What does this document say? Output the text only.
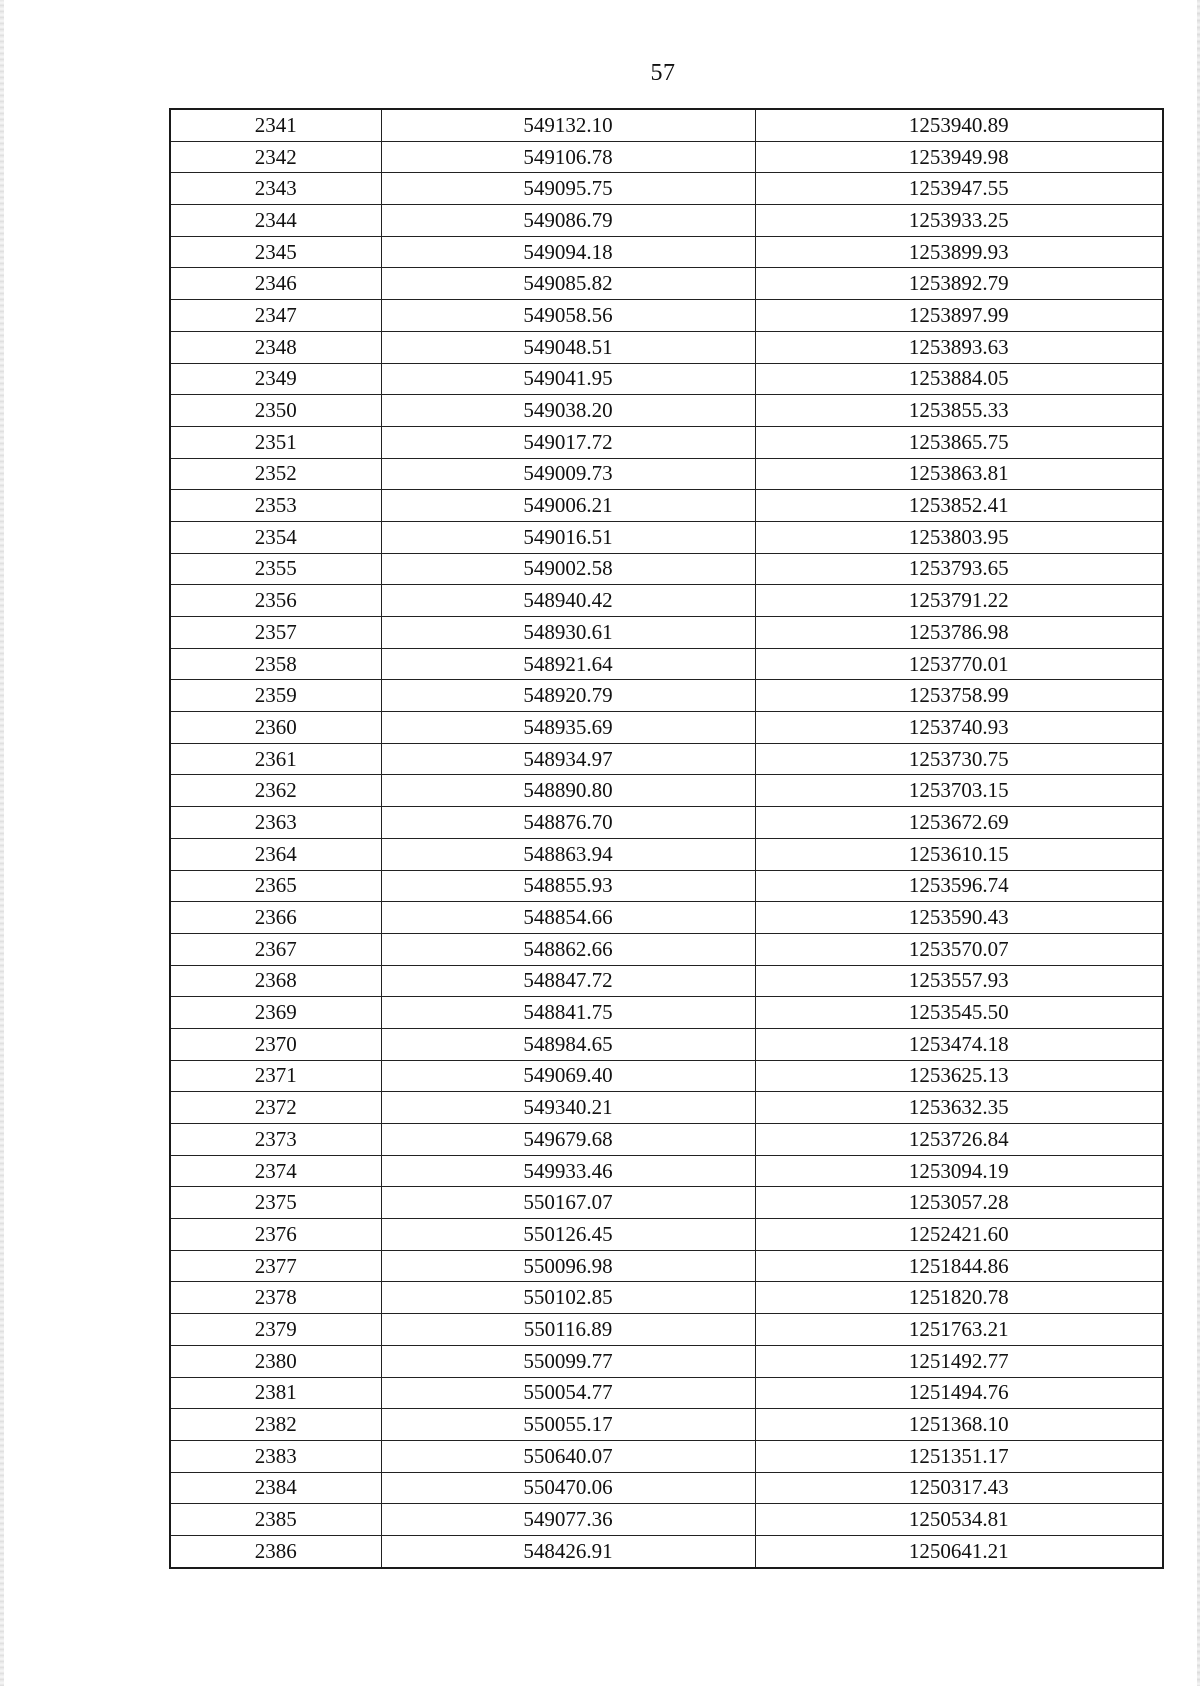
57
2341	549132.10	1253940.89
2342	549106.78	1253949.98
2343	549095.75	1253947.55
2344	549086.79	1253933.25
2345	549094.18	1253899.93
2346	549085.82	1253892.79
2347	549058.56	1253897.99
2348	549048.51	1253893.63
2349	549041.95	1253884.05
2350	549038.20	1253855.33
2351	549017.72	1253865.75
2352	549009.73	1253863.81
2353	549006.21	1253852.41
2354	549016.51	1253803.95
2355	549002.58	1253793.65
2356	548940.42	1253791.22
2357	548930.61	1253786.98
2358	548921.64	1253770.01
2359	548920.79	1253758.99
2360	548935.69	1253740.93
2361	548934.97	1253730.75
2362	548890.80	1253703.15
2363	548876.70	1253672.69
2364	548863.94	1253610.15
2365	548855.93	1253596.74
2366	548854.66	1253590.43
2367	548862.66	1253570.07
2368	548847.72	1253557.93
2369	548841.75	1253545.50
2370	548984.65	1253474.18
2371	549069.40	1253625.13
2372	549340.21	1253632.35
2373	549679.68	1253726.84
2374	549933.46	1253094.19
2375	550167.07	1253057.28
2376	550126.45	1252421.60
2377	550096.98	1251844.86
2378	550102.85	1251820.78
2379	550116.89	1251763.21
2380	550099.77	1251492.77
2381	550054.77	1251494.76
2382	550055.17	1251368.10
2383	550640.07	1251351.17
2384	550470.06	1250317.43
2385	549077.36	1250534.81
2386	548426.91	1250641.21
